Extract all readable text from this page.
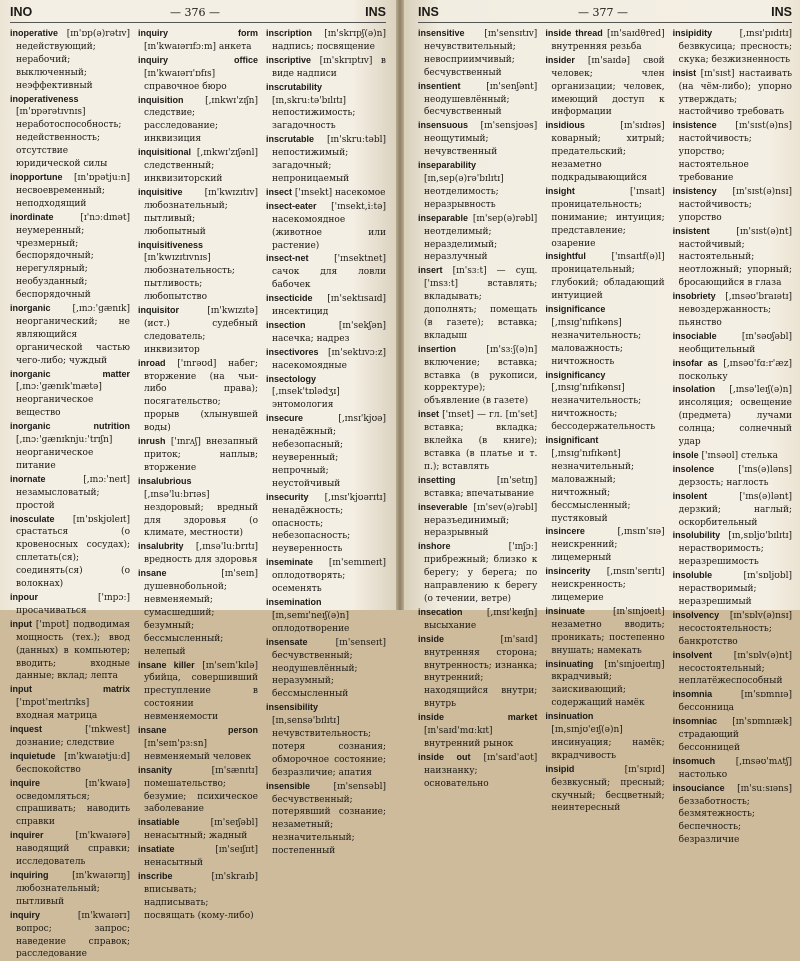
INO	— 376 —	INS
inoperative [ɪn'ɒp(ə)rətɪv] недействующий; нерабочий; выключенный; неэффективный
inoperativeness [ɪn'ɒpərətɪvnɪs] неработоспособность; недейственность; отсутствие юридической силы
inopportune [ɪn'ɒpətjuːn] несвоевременный; неподходящий
inordinate	[ɪ'nɔːdɪnət] неумеренный; чрезмерный; беспорядочный; нерегулярный; необузданный; беспорядочный
inorganic [,ɪnɔː'gænɪk] неорганический; не являющийся органической частью чего-либо; чуждый
inorganic matter [,ɪnɔː'gænɪk'mætə] неорганическое вещество
inorganic nutrition [,ɪnɔː'gænɪknjuː'trɪʃn] неорганическое питание
inornate	[,ɪnɔː'neɪt] незамысловатый; простой
inosculate [ɪn'ɒskjʊleɪt] срастаться (о кровеносных сосудах); сплетать(ся); соединять(ся) (о волокнах)
inpour	['ɪnpɔː] просачиваться
input ['ɪnpʊt] подводимая мощность (тех.); ввод (данных) в компьютер; вводить; входные данные; вклад; лепта
input matrix ['ɪnpʊt'meɪtrɪks] входная матрица
inquest	['ɪnkwest] дознание; следствие
inquietude [ɪn'kwaɪətjuːd] беспокойство
inquire	[ɪn'kwaɪə] осведомляться; спрашивать; наводить справки
inquirer	[ɪn'kwaɪərə] наводящий справки; исследователь
inquiring	[ɪn'kwaɪərɪŋ] любознательный; пытливый
inquiry	[ɪn'kwaɪərɪ] вопрос; запрос; наведение справок; расследование
inquiry form [ɪn'kwaɪərɪfɔːm] анкета
inquiry office [ɪn'kwaɪərɪ'ɒfɪs] справочное бюро
inquisition [,ɪnkwɪ'zɪʃn] следствие; расследование; инквизиция
inquisitional [,ɪnkwɪ'zɪʃənl] следственный; инквизиторский
inquisitive [ɪn'kwɪzɪtɪv] любознательный; пытливый; любопытный
inquisitiveness [ɪn'kwɪzɪtɪvnɪs] любознательность; пытливость; любопытство
inquisitor	[ɪn'kwɪzɪtə] (ист.) судебный следователь; инквизитор
inroad ['ɪnrəʊd] набег; вторжение (на чьи-либо права); посягательство; прорыв (хлынувшей воды)
inrush ['ɪnrʌʃ] внезапный приток; наплыв; вторжение
insalubrious [,ɪnsə'luːbrɪəs] нездоровый; вредный для здоровья (о климате, местности)
insalubrity [,ɪnsə'luːbrɪtɪ] вредность для здоровья
insane	[ɪn'seɪn] душевнобольной; невменяемый; сумасшедший; безумный; бессмысленный; нелепый
insane killer [ɪn'seɪn'kɪlə] убийца, совершивший преступление в состоянии невменяемости
insane person [ɪn'seɪn'pɜːsn] невменяемый человек
insanity	[ɪn'sænɪtɪ] помешательство; безумие; психическое заболевание
insatiable	[ɪn'seɪʃəbl] ненасытный; жадный
insatiate	[ɪn'seɪʃɪɪt] ненасытный
inscribe	[ɪn'skraɪb] вписывать; надписывать; посвящать (кому-либо)
inscription [ɪn'skrɪpʃ(ə)n] надпись; посвящение
inscriptive [ɪn'skrɪptɪv] в виде надписи
inscrutability [ɪn,skruːtə'bɪlɪtɪ] непостижимость; загадочность
inscrutable [ɪn'skruːtəbl] непостижимый; загадочный; непроницаемый
insect ['ɪnsekt] насекомое
insect-eater ['ɪnsekt,iːtə] насекомоядное (животное или растение)
insect-net	['ɪnsektnet] сачок для ловли бабочек
insecticide [ɪn'sektɪsaɪd] инсектицид
insection	[ɪn'sekʃən] насечка; надрез
insectivores [ɪn'sektɪvɔːz] насекомоядные
insectology [,ɪnsek'tɒlədʒɪ] энтомология
insecure	[,ɪnsɪ'kjʊə] ненадёжный; небезопасный; неуверенный; непрочный; неустойчивый
insecurity [,ɪnsɪ'kjʊərɪtɪ] ненадёжность; опасность; небезопасность; неуверенность
inseminate [ɪn'semɪneɪt] оплодотворять; осеменять
insemination [ɪn,semɪ'neɪʃ(ə)n] оплодотворение
insensate	[ɪn'senseɪt] бесчувственный; неодушевлённый; неразумный; бессмысленный
insensibility [ɪn,sensə'bɪlɪtɪ] нечувствительность; потеря сознания; обморочное состояние; безразличие; апатия
insensible	[ɪn'sensəbl] бесчувственный; потерявший сознание; незаметный; незначительный; постепенный
INS	— 377 —	INS
insensitive [ɪn'sensɪtɪv] нечувствительный; невосприимчивый; бесчувственный
insentient	[ɪn'senʃənt] неодушевлённый; бесчувственный
insensuous [ɪn'sensjʊəs] неощутимый; нечувственный
inseparability [ɪn,sep(ə)rə'bɪlɪtɪ] неотделимость; неразрывность
inseparable [ɪn'sep(ə)rəbl] неотделимый; неразделимый; неразлучный
insert [ɪn'sɜːt] — сущ. ['ɪnsɜːt] вставлять; вкладывать; дополнять; помещать (в газете); вставка; вкладыш
insertion	[ɪn'sɜːʃ(ə)n] включение; вставка; вставка (в рукописи, корректуре); объявление (в газете)
inset ['ɪnset] — гл. [ɪn'set] вставка; вкладка; вклейка (в книге); вставка (в платье и т. п.); вставлять
insetting	[ɪn'setɪŋ] вставка; впечатывание
inseverable [ɪn'sev(ə)rəbl] неразъединимый; неразрывный
inshore	['ɪnʃɔː] прибрежный; близко к берегу; у берега; по направлению к берегу (о течении, ветре)
insecation	[,ɪnsɪ'keɪʃn] высыхание
inside	[ɪn'saɪd] внутренняя сторона; внутренность; изнанка; внутренний; находящийся внутри; внутрь
inside market [ɪn'saɪd'mɑːkɪt] внутренний рынок
inside out [ɪn'saɪd'aʊt] наизнанку; основательно
inside thread [ɪn'saɪdθred] внутренняя резьба
insider [ɪn'saɪdə] свой человек; член организации; человек, имеющий доступ к информации
insidious	[ɪn'sɪdɪəs] коварный; хитрый; предательский; незаметно подкрадывающийся
insight	['ɪnsaɪt] проницательность; понимание; интуиция; представление; озарение
insightful	['ɪnsaɪtf(ə)l] проницательный; глубокий; обладающий интуицией
insignificance [,ɪnsɪg'nɪfɪkəns] незначительность; маловажность; ничтожность
insignificancy [,ɪnsɪg'nɪfɪkənsɪ] незначительность; ничтожность; бессодержательность
insignificant [,ɪnsɪg'nɪfɪkənt] незначительный; маловажный; ничтожный; бессмысленный; пустяковый
insincere	[,ɪnsɪn'sɪə] неискренний; лицемерный
insincerity [,ɪnsɪn'serɪtɪ] неискренность; лицемерие
insinuate	[ɪn'sɪnjʊeɪt] незаметно вводить; проникать; постепенно внушать; намекать
insinuating [ɪn'sɪnjʊeɪtɪŋ] вкрадчивый; заискивающий; содержащий намёк
insinuation [ɪn,sɪnjʊ'eɪʃ(ə)n] инсинуация; намёк; вкрадчивость
insipid	[ɪn'sɪpɪd] безвкусный; пресный; скучный; бесцветный; неинтересный
insipidity	[,ɪnsɪ'pɪdɪtɪ] безвкусица; пресность; скука; безжизненность
insist [ɪn'sɪst] настаивать (на чём-либо); упорно утверждать; настойчиво требовать
insistence [ɪn'sɪst(ə)ns] настойчивость; упорство; настоятельное требование
insistency [ɪn'sɪst(ə)nsɪ] настойчивость; упорство
insistent	[ɪn'sɪst(ə)nt] настойчивый; настоятельный; неотложный; упорный; бросающийся в глаза
insobriety [,ɪnsəʊ'braɪətɪ] невоздержанность; пьянство
insociable	[ɪn'səʊʃəbl] необщительный
insofar as [,ɪnsəʊ'fɑːr'æz] поскольку
insolation [,ɪnsə'leɪʃ(ə)n] инсоляция; освещение (предмета) лучами солнца; солнечный удар
insole ['ɪnsəʊl] стелька
insolence	['ɪns(ə)ləns] дерзость; наглость
insolent	['ɪns(ə)lənt] дерзкий; наглый; оскорбительный
insolubility [ɪn,sɒljʊ'bɪlɪtɪ] нерастворимость; неразрешимость
insoluble	[ɪn'sɒljʊbl] нерастворимый; неразрешимый
insolvency [ɪn'sɒlv(ə)nsɪ] несостоятельность; банкротство
insolvent [ɪn'sɒlv(ə)nt] несостоятельный; неплатёжеспособный
insomnia	[ɪn'sɒmnɪə] бессонница
insomniac [ɪn'sɒmnɪæk] страдающий бессонницей
insomuch [,ɪnsəʊ'mʌtʃ] настолько
insouciance [ɪn'suːsɪəns] беззаботность; безмятежность; беспечность; безразличие
